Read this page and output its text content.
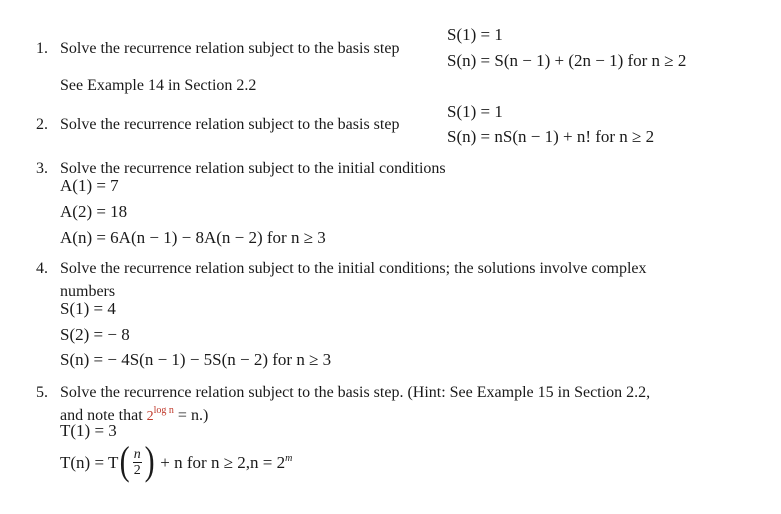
S(1) = 1
1. Solve the recurrence relation subject to the basis step
S(n) = S(n − 1) + (2n − 1) for n ≥ 2
See Example 14 in Section 2.2
S(1) = 1
2. Solve the recurrence relation subject to the basis step
S(n) = nS(n − 1) + n! for n ≥ 2
3. Solve the recurrence relation subject to the initial conditions
A(1) = 7
A(2) = 18
A(n) = 6A(n − 1) − 8A(n − 2) for n ≥ 3
4. Solve the recurrence relation subject to the initial conditions; the solutions involve complex
numbers
S(1) = 4
S(2) = − 8
S(n) = − 4S(n − 1) − 5S(n − 2) for n ≥ 3
5. Solve the recurrence relation subject to the basis step. (Hint: See Example 15 in Section 2.2,
and note that $2^{log n} = n$.)
T(1) = 3
$T(n) = T( \frac{n}{2}$ ) + n for $n \ge 2,n = 2^m$
